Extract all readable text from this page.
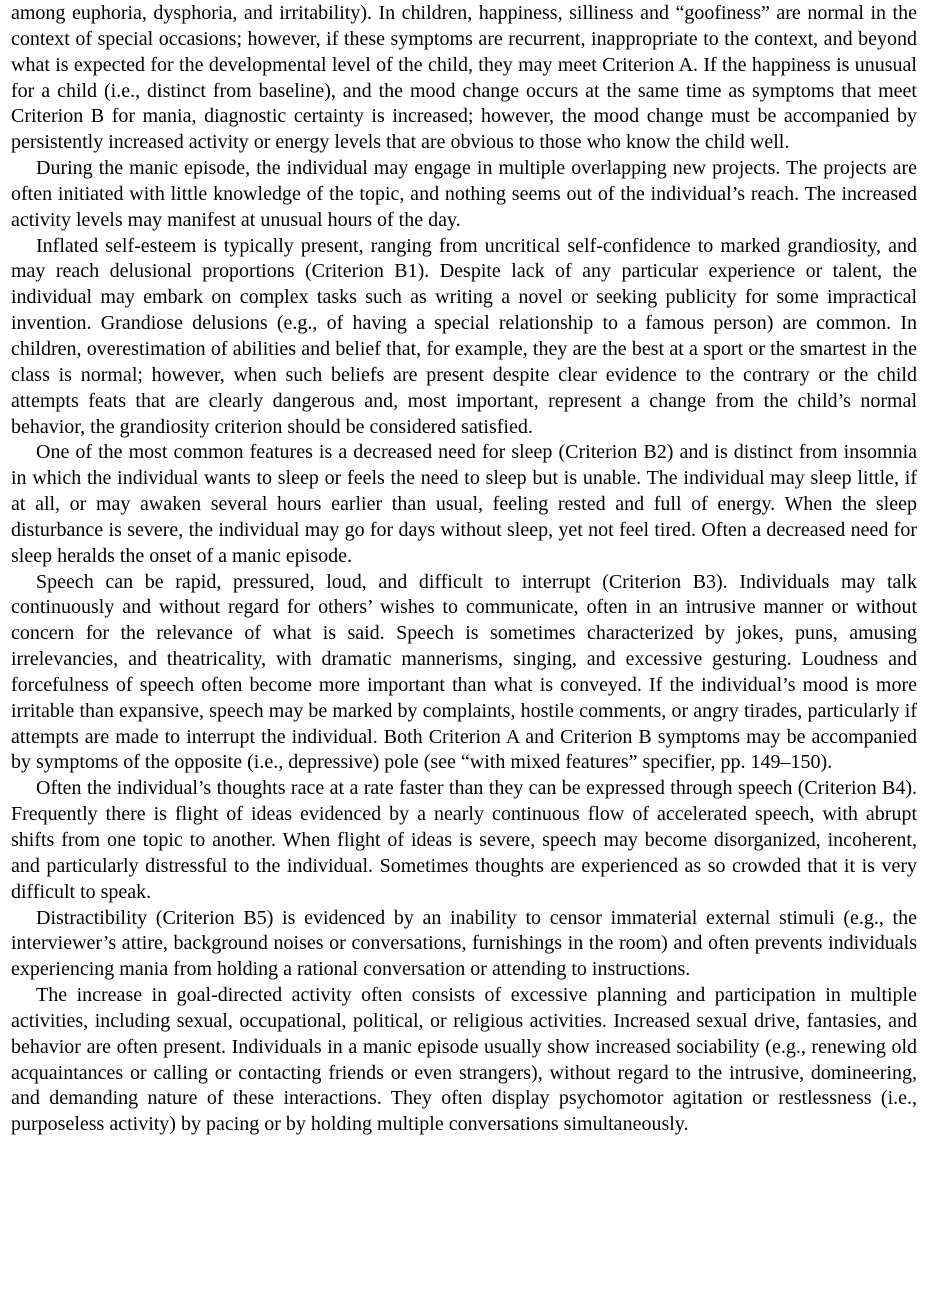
among euphoria, dysphoria, and irritability). In children, happiness, silliness and “goofiness” are normal in the context of special occasions; however, if these symptoms are recurrent, inappropriate to the context, and beyond what is expected for the developmental level of the child, they may meet Criterion A. If the happiness is unusual for a child (i.e., distinct from baseline), and the mood change occurs at the same time as symptoms that meet Criterion B for mania, diagnostic certainty is increased; however, the mood change must be accompanied by persistently increased activity or energy levels that are obvious to those who know the child well.

During the manic episode, the individual may engage in multiple overlapping new projects. The projects are often initiated with little knowledge of the topic, and nothing seems out of the individual’s reach. The increased activity levels may manifest at unusual hours of the day.

Inflated self-esteem is typically present, ranging from uncritical self-confidence to marked grandiosity, and may reach delusional proportions (Criterion B1). Despite lack of any particular experience or talent, the individual may embark on complex tasks such as writing a novel or seeking publicity for some impractical invention. Grandiose delusions (e.g., of having a special relationship to a famous person) are common. In children, overestimation of abilities and belief that, for example, they are the best at a sport or the smartest in the class is normal; however, when such beliefs are present despite clear evidence to the contrary or the child attempts feats that are clearly dangerous and, most important, represent a change from the child’s normal behavior, the grandiosity criterion should be considered satisfied.

One of the most common features is a decreased need for sleep (Criterion B2) and is distinct from insomnia in which the individual wants to sleep or feels the need to sleep but is unable. The individual may sleep little, if at all, or may awaken several hours earlier than usual, feeling rested and full of energy. When the sleep disturbance is severe, the individual may go for days without sleep, yet not feel tired. Often a decreased need for sleep heralds the onset of a manic episode.

Speech can be rapid, pressured, loud, and difficult to interrupt (Criterion B3). Individuals may talk continuously and without regard for others’ wishes to communicate, often in an intrusive manner or without concern for the relevance of what is said. Speech is sometimes characterized by jokes, puns, amusing irrelevancies, and theatricality, with dramatic mannerisms, singing, and excessive gesturing. Loudness and forcefulness of speech often become more important than what is conveyed. If the individual’s mood is more irritable than expansive, speech may be marked by complaints, hostile comments, or angry tirades, particularly if attempts are made to interrupt the individual. Both Criterion A and Criterion B symptoms may be accompanied by symptoms of the opposite (i.e., depressive) pole (see “with mixed features” specifier, pp. 149–150).

Often the individual’s thoughts race at a rate faster than they can be expressed through speech (Criterion B4). Frequently there is flight of ideas evidenced by a nearly continuous flow of accelerated speech, with abrupt shifts from one topic to another. When flight of ideas is severe, speech may become disorganized, incoherent, and particularly distressful to the individual. Sometimes thoughts are experienced as so crowded that it is very difficult to speak.

Distractibility (Criterion B5) is evidenced by an inability to censor immaterial external stimuli (e.g., the interviewer’s attire, background noises or conversations, furnishings in the room) and often prevents individuals experiencing mania from holding a rational conversation or attending to instructions.

The increase in goal-directed activity often consists of excessive planning and participation in multiple activities, including sexual, occupational, political, or religious activities. Increased sexual drive, fantasies, and behavior are often present. Individuals in a manic episode usually show increased sociability (e.g., renewing old acquaintances or calling or contacting friends or even strangers), without regard to the intrusive, domineering, and demanding nature of these interactions. They often display psychomotor agitation or restlessness (i.e., purposeless activity) by pacing or by holding multiple conversations simultaneously.
